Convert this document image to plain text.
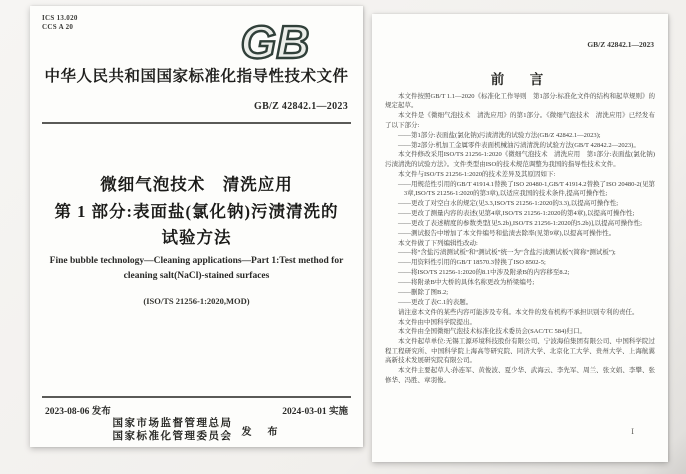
ICS 13.020
CCS A 20	GB
中华人民共和国国家标准化指导性技术文件
GB/Z 42842.1—2023
微细气泡技术　清洗应用
第 1 部分:表面盐(氯化钠)污渍清洗的
试验方法
Fine bubble technology—Cleaning applications—Part 1:Test method for
cleaning salt(NaCl)-stained surfaces
(ISO/TS 21256-1:2020,MOD)
2023-08-06 发布	2024-03-01 实施
国家市场监督管理总局
国家标准化管理委员会 发　布
GB/Z 42842.1—2023
前　言

本文件按照GB/T 1.1—2020《标准化工作导则　第1部分:标准化文件的结构和起草规则》的规定起草。

本文件是《微细气泡技术　清洗应用》的第1部分。《微细气泡技术　清洗应用》已经发布了以下部分:

——第1部分:表面盐(氯化钠)污渍清洗的试验方法(GB/Z 42842.1—2023);

——第2部分:机加工金属零件表面机械油污渍清洗的试验方法(GB/T 42842.2—2023)。

本文件修改采用ISO/TS 21256-1:2020《微细气泡技术　清洗应用　第1部分:表面盐(氯化钠)污渍清洗的试验方法》。文件类型由ISO的技术规范调整为我国的指导性技术文件。

本文件与ISO/TS 21256-1:2020的技术差异及其原因如下:

——用规范性引用的GB/T 41914.1替换了ISO 20480-1,GB/T 41914.2替换了ISO 20480-2(见第3章,ISO/TS 21256-1:2020的第3章),以适应我国的技术条件,提高可操作性;

——更改了对空白水的规定(见3.3,ISO/TS 21256-1:2020的3.3),以提高可操作性;

——更改了测量内容的表述(见第4章,ISO/TS 21256-1:2020的第4章),以提高可操作性;

——更改了表述精度的参数类型[见5.2b),ISO/TS 21256-1:2020的5.2b)],以提高可操作性;

——测试报告中增加了本文件编号和盐渍去除率(见第9章),以提高可操作性。

本文件做了下列编辑性改动:

——将“含盐污渍测试板”和“测试板”统一为“含盐污渍测试板”(简称“测试板”);

——用资料性引用的GB/T 18570.3替换了ISO 8502-5;

——将ISO/TS 21256-1:2020的8.1中涉及附录B的内容移至8.2;

——将附录B中大桥的具体名称更改为桥梁编号;

——删除了图B.2;

——更改了表C.1的表题。

请注意本文件的某些内容可能涉及专利。本文件的发布机构不承担识别专利的责任。

本文件由中国科学院提出。

本文件由全国微细气泡技术标准化技术委员会(SAC/TC 584)归口。

本文件起草单位:无锡工源环境科技股份有限公司、宁波海伯集团有限公司、中国科学院过程工程研究所、中国科学院上海高等研究院、同济大学、北京化工大学、贵州大学、上海航翼高新技术发展研究院有限公司。

本文件主要起草人:孙连军、黄俊波、夏少华、武海云、李先军、周兰、张文娟、李攀、张修华、冯胜、章羽俊。

Ⅰ
